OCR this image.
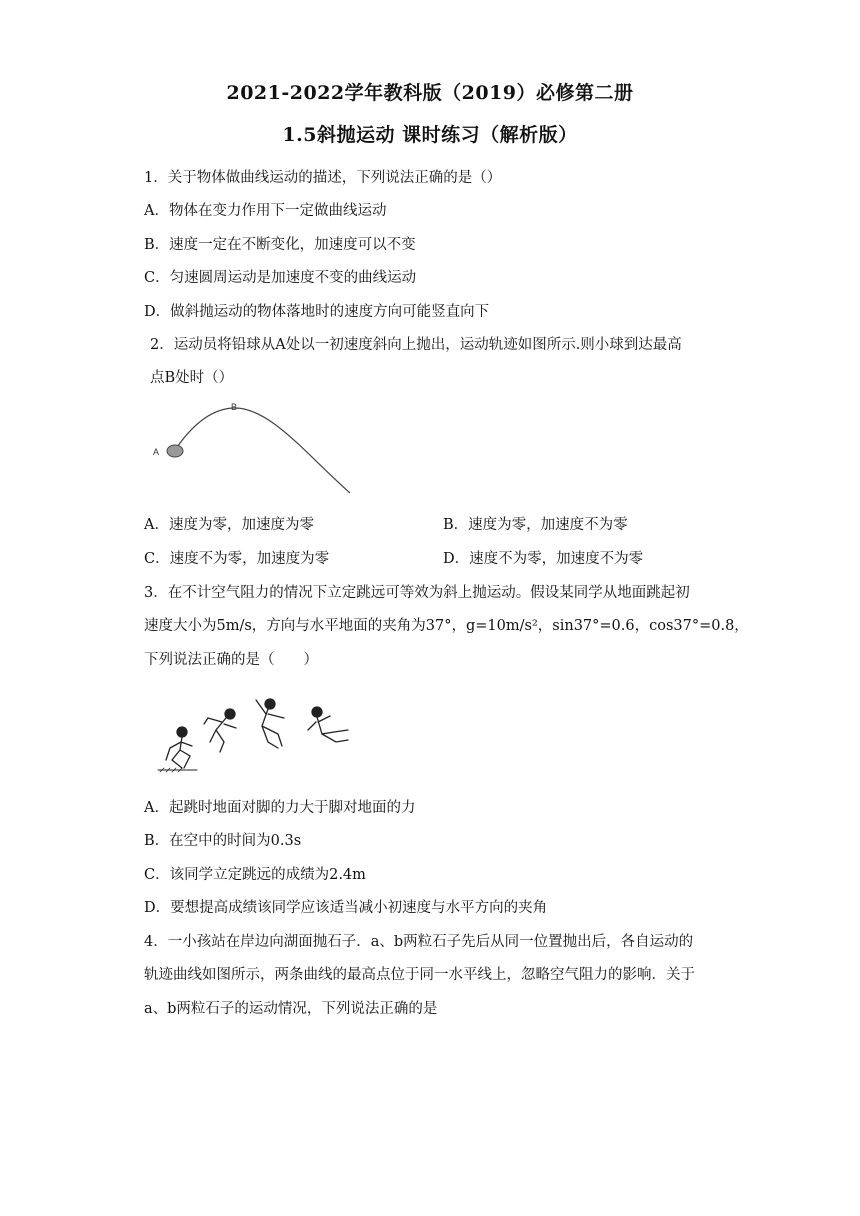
2021-2022学年教科版（2019）必修第二册
1.5斜抛运动 课时练习（解析版）
1．关于物体做曲线运动的描述，下列说法正确的是（）
A．物体在变力作用下一定做曲线运动
B．速度一定在不断变化，加速度可以不变
C．匀速圆周运动是加速度不变的曲线运动
D．做斜抛运动的物体落地时的速度方向可能竖直向下
2．运动员将铅球从A处以一初速度斜向上抛出，运动轨迹如图所示.则小球到达最高
点B处时（）
A
B
A．速度为零，加速度为零	B．速度为零，加速度不为零
C．速度不为零，加速度为零	D．速度不为零，加速度不为零
3．在不计空气阻力的情况下立定跳远可等效为斜上抛运动。假设某同学从地面跳起初
速度大小为5m/s，方向与水平地面的夹角为37°，g=10m/s²，sin37°=0.6，cos37°=0.8，
下列说法正确的是（　　）
A．起跳时地面对脚的力大于脚对地面的力
B．在空中的时间为0.3s
C．该同学立定跳远的成绩为2.4m
D．要想提高成绩该同学应该适当减小初速度与水平方向的夹角
4．一小孩站在岸边向湖面抛石子．a、b两粒石子先后从同一位置抛出后，各自运动的
轨迹曲线如图所示，两条曲线的最高点位于同一水平线上，忽略空气阻力的影响．关于
a、b两粒石子的运动情况，下列说法正确的是
